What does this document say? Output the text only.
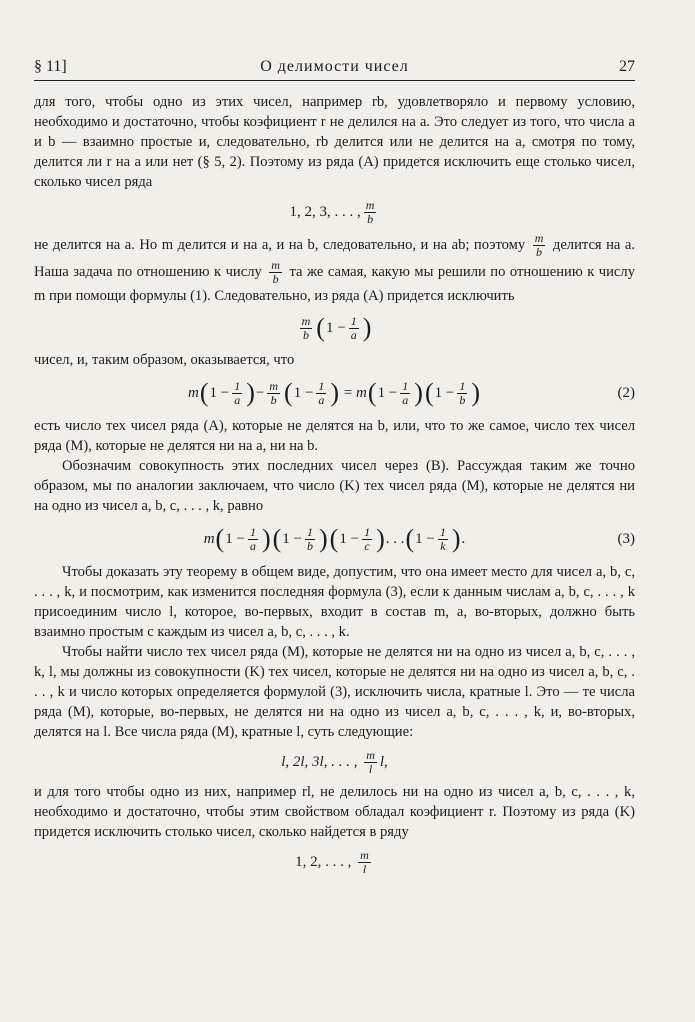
§ 11]	О делимости чисел	27

для того, чтобы одно из этих чисел, например rb, удовлетворяло и первому условию, необходимо и достаточно, чтобы коэфициент r не делился на a. Это следует из того, что числа a и b — взаимно простые и, следовательно, rb делится или не делится на a, смотря по тому, делится ли r на a или нет (§ 5, 2). Поэтому из ряда (A) придется исключить еще столько чисел, сколько чисел ряда

1, 2, 3, . . . , $\frac{m}{b}$

не делится на a. Но m делится и на a, и на b, следовательно, и на ab; поэтому $\frac{m}{b}$ делится на a. Наша задача по отношению к числу $\frac{m}{b}$ та же самая, какую мы решили по отношению к числу m при помощи формулы (1). Следовательно, из ряда (A) придется исключить

$\frac{m}{b}$ ( 1
− $\frac{1}{a}$ )

чисел, и, таким образом, оказывается, что

m ( 1
− $\frac{1}{a}$ ) − $\frac{m}{b}$ ( 1
− $\frac{1}{a}$ )
=
m ( 1
− $\frac{1}{a}$ ) ( 1
− $\frac{1}{b}$ )	(2)

есть число тех чисел ряда (A), которые не делятся на b, или, что то же самое, число тех чисел ряда (M), которые не делятся ни на a, ни на b.

Обозначим совокупность этих последних чисел через (B). Рассуждая таким же точно образом, мы по аналогии заключаем, что число (K) тех чисел ряда (M), которые не делятся ни на одно из чисел a, b, c, . . . , k, равно

m ( 1
− $\frac{1}{a}$ ) ( 1
− $\frac{1}{b}$ ) ( 1
− $\frac{1}{c}$ ) . . . ( 1
− $\frac{1}{k}$ ) .	(3)

Чтобы доказать эту теорему в общем виде, допустим, что она имеет место для чисел a, b, c, . . . , k, и посмотрим, как изменится последняя формула (3), если к данным числам a, b, c, . . . , k присоединим число l, которое, во-первых, входит в состав m, а, во-вторых, должно быть взаимно простым с каждым из чисел a, b, c, . . . , k.

Чтобы найти число тех чисел ряда (M), которые не делятся ни на одно из чисел a, b, c, . . . , k, l, мы должны из совокупности (K) тех чисел, которые не делятся ни на одно из чисел a, b, c, . . . , k и число которых определяется формулой (3), исключить числа, кратные l. Это — те числа ряда (M), которые, во-первых, не делятся ни на одно из чисел a, b, c, . . . , k, и, во-вторых, делятся на l. Все числа ряда (M), кратные l, суть следующие:

l, 2l, 3l, . . . ,
$\frac{m}{l}$ l ,

и для того чтобы одно из них, например rl, не делилось ни на одно из чисел a, b, c, . . . , k, необходимо и достаточно, чтобы этим свойством обладал коэфициент r. Поэтому из ряда (K) придется исключить столько чисел, сколько найдется в ряду

1, 2, . . . ,
$\frac{m}{l}$
